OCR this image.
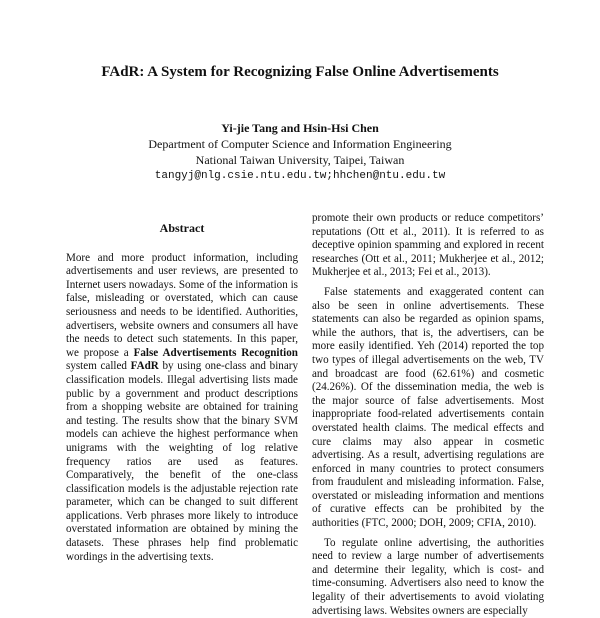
FAdR: A System for Recognizing False Online Advertisements
Yi-jie Tang and Hsin-Hsi Chen
Department of Computer Science and Information Engineering
National Taiwan University, Taipei, Taiwan
tangyj@nlg.csie.ntu.edu.tw;hhchen@ntu.edu.tw
Abstract

More and more product information, including advertisements and user reviews, are presented to Internet users nowadays. Some of the information is false, misleading or overstated, which can cause seriousness and needs to be identified. Authorities, advertisers, website owners and consumers all have the needs to detect such statements. In this paper, we propose a False Advertisements Recognition system called FAdR by using one-class and binary classification models. Illegal advertising lists made public by a government and product descriptions from a shopping website are obtained for training and testing. The results show that the binary SVM models can achieve the highest performance when unigrams with the weighting of log relative frequency ratios are used as features. Comparatively, the benefit of the one-class classification models is the adjustable rejection rate parameter, which can be changed to suit different applications. Verb phrases more likely to introduce overstated information are obtained by mining the datasets. These phrases help find problematic wordings in the advertising texts.

promote their own products or reduce competitors’ reputations (Ott et al., 2011). It is referred to as deceptive opinion spamming and explored in recent researches (Ott et al., 2011; Mukherjee et al., 2012; Mukherjee et al., 2013; Fei et al., 2013).

False statements and exaggerated content can also be seen in online advertisements. These statements can also be regarded as opinion spams, while the authors, that is, the advertisers, can be more easily identified. Yeh (2014) reported the top two types of illegal advertisements on the web, TV and broadcast are food (62.61%) and cosmetic (24.26%). Of the dissemination media, the web is the major source of false advertisements. Most inappropriate food-related advertisements contain overstated health claims. The medical effects and cure claims may also appear in cosmetic advertising. As a result, advertising regulations are enforced in many countries to protect consumers from fraudulent and misleading information. False, overstated or misleading information and mentions of curative effects can be prohibited by the authorities (FTC, 2000; DOH, 2009; CFIA, 2010).

To regulate online advertising, the authorities need to review a large number of advertisements and determine their legality, which is cost- and time-consuming. Advertisers also need to know the legality of their advertisements to avoid violating advertising laws. Websites owners are especially
